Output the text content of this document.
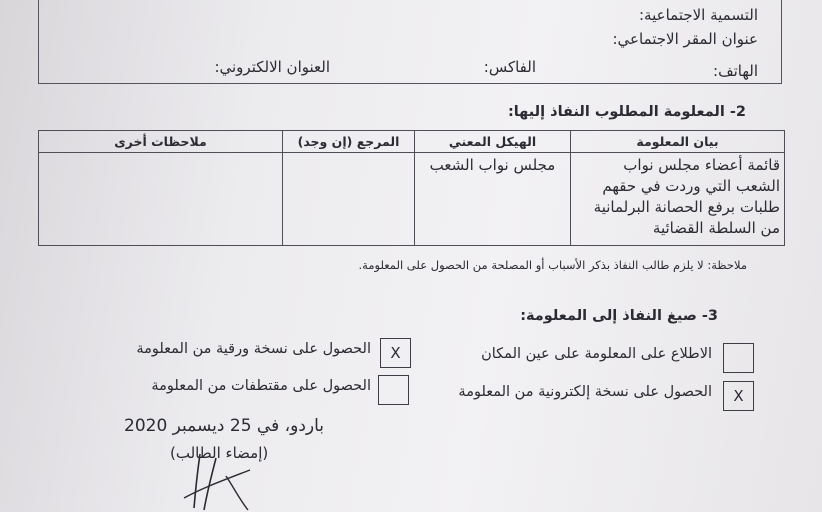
التسمية الاجتماعية:
عنوان المقر الاجتماعي:
الهاتف:
الفاكس:
العنوان الالكتروني:
2- المعلومة المطلوب النفاذ إليها:
بيان المعلومة	الهيكل المعني	المرجع (إن وجد)	ملاحظات أخرى
قائمة أعضاء مجلس نواب الشعب التي وردت في حقهم طلبات برفع الحصانة البرلمانية من السلطة القضائية	مجلس نواب الشعب		
ملاحظة: لا يلزم طالب النفاذ بذكر الأسباب أو المصلحة من الحصول على المعلومة.
3- صيغ النفاذ إلى المعلومة:
الاطلاع على المعلومة على عين المكان
X
الحصول على نسخة ورقية من المعلومة
X
الحصول على نسخة إلكترونية من المعلومة
الحصول على مقتطفات من المعلومة
باردو، في 25 ديسمبر 2020
(إمضاء الطالب)
